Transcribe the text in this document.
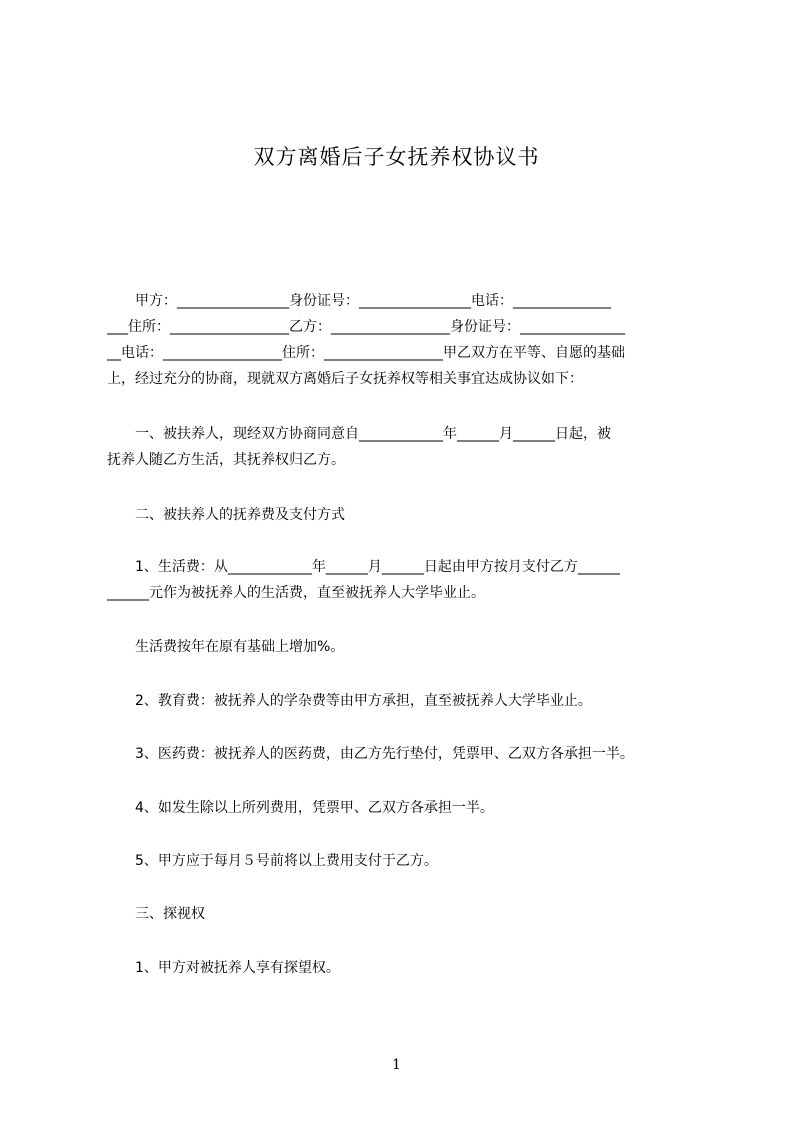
双方离婚后子女抚养权协议书
　　甲方：________________身份证号：________________电话：______________
___住所：_________________乙方：_________________身份证号：_______________
__电话：_________________住所：_________________甲乙双方在平等、自愿的基础
上，经过充分的协商，现就双方离婚后子女抚养权等相关事宜达成协议如下：
　　一、被扶养人，现经双方协商同意自____________年______月______日起，被
抚养人随乙方生活，其抚养权归乙方。
　　二、被扶养人的抚养费及支付方式
　　1、生活费：从____________年______月______日起由甲方按月支付乙方______
______元作为被抚养人的生活费，直至被抚养人大学毕业止。
　　生活费按年在原有基础上增加%。
　　2、教育费：被抚养人的学杂费等由甲方承担，直至被抚养人大学毕业止。
　　3、医药费：被抚养人的医药费，由乙方先行垫付，凭票甲、乙双方各承担一半。
　　4、如发生除以上所列费用，凭票甲、乙双方各承担一半。
　　5、甲方应于每月５号前将以上费用支付于乙方。
　　三、探视权
　　1、甲方对被抚养人享有探望权。
1
